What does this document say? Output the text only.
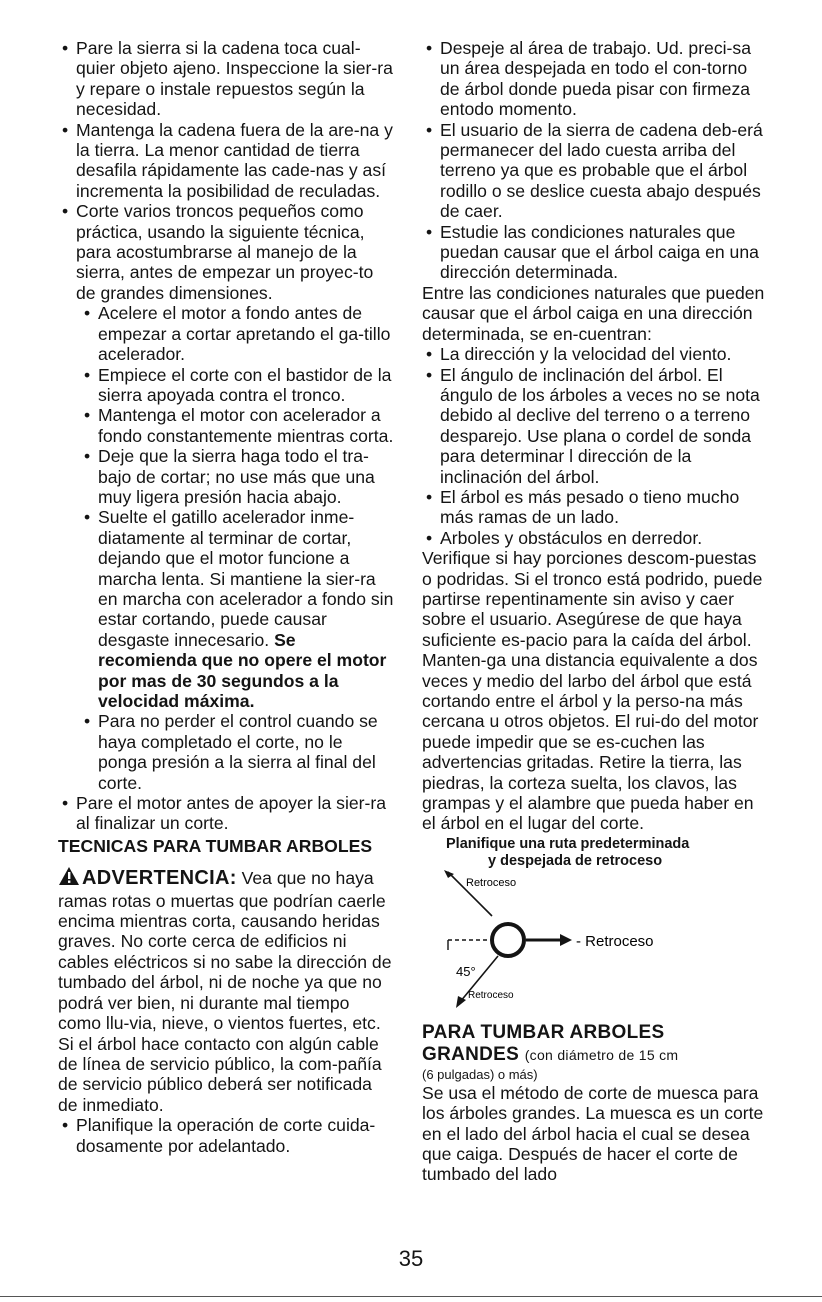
• Pare la sierra si la cadena toca cual-quier objeto ajeno. Inspeccione la sier-ra y repare o instale repuestos según la necesidad.

• Mantenga la cadena fuera de la are-na y la tierra. La menor cantidad de tierra desafila rápidamente las cade-nas y así incrementa la posibilidad de reculadas.

• Corte varios troncos pequeños como práctica, usando la siguiente técnica, para acostumbrarse al manejo de la sierra, antes de empezar un proyec-to de grandes dimensiones.

• Acelere el motor a fondo antes de empezar a cortar apretando el ga-tillo acelerador.

• Empiece el corte con el bastidor de la sierra apoyada contra el tronco.

• Mantenga el motor con acelerador a fondo constantemente mientras corta.

• Deje que la sierra haga todo el tra-bajo de cortar; no use más que una muy ligera presión hacia abajo.

• Suelte el gatillo acelerador inme-diatamente al terminar de cortar, dejando que el motor funcione a marcha lenta. Si mantiene la sier-ra en marcha con acelerador a fondo sin estar cortando, puede causar desgaste innecesario. Se recomienda que no opere el motor por mas de 30 segundos a la velocidad máxima.

• Para no perder el control cuando se haya completado el corte, no le ponga presión a la sierra al final del corte.

• Pare el motor antes de apoyer la sier-ra al finalizar un corte.

TECNICAS PARA TUMBAR ARBOLES
ADVERTENCIA: Vea que no haya ramas rotas o muertas que podrían caerle encima mientras corta, causando heridas graves. No corte cerca de edificios ni cables eléctricos si no sabe la dirección de tumbado del árbol, ni de noche ya que no podrá ver bien, ni durante mal tiempo como llu-via, nieve, o vientos fuertes, etc. Si el árbol hace contacto con algún cable de línea de servicio público, la com-pañía de servicio público deberá ser notificada de inmediato.

• Planifique la operación de corte cuida-dosamente por adelantado.

• Despeje al área de trabajo. Ud. preci-sa un área despejada en todo el con-torno de árbol donde pueda pisar con firmeza entodo momento.

• El usuario de la sierra de cadena deb-erá permanecer del lado cuesta arriba del terreno ya que es probable que el árbol rodillo o se deslice cuesta abajo después de caer.

• Estudie las condiciones naturales que puedan causar que el árbol caiga en una dirección determinada.

Entre las condiciones naturales que pueden causar que el árbol caiga en una dirección determinada, se en-cuentran:

• La dirección y la velocidad del viento.

• El ángulo de inclinación del árbol. El ángulo de los árboles a veces no se nota debido al declive del terreno o a terreno desparejo. Use plana o cordel de sonda para determinar l dirección de la inclinación del árbol.

• El árbol es más pesado o tieno mucho más ramas de un lado.

• Arboles y obstáculos en derredor.

Verifique si hay porciones descom-puestas o podridas. Si el tronco está podrido, puede partirse repentinamente sin aviso y caer sobre el usuario. Asegúrese de que haya suficiente es-pacio para la caída del árbol. Manten-ga una distancia equivalente a dos veces y medio del larbo del árbol que está cortando entre el árbol y la perso-na más cercana u otros objetos. El rui-do del motor puede impedir que se es-cuchen las advertencias gritadas. Retire la tierra, las piedras, la corteza suelta, los clavos, las grampas y el alambre que pueda haber en el árbol en el lugar del corte.

Planifique una ruta predeterminada
y despejada de retroceso
Retroceso
- Retroceso
45°
Retroceso
PARA TUMBAR ARBOLES GRANDES (con diámetro de 15 cm
(6 pulgadas) o más)

Se usa el método de corte de muesca para los árboles grandes. La muesca es un corte en el lado del árbol hacia el cual se desea que caiga. Después de hacer el corte de tumbado del lado

35
